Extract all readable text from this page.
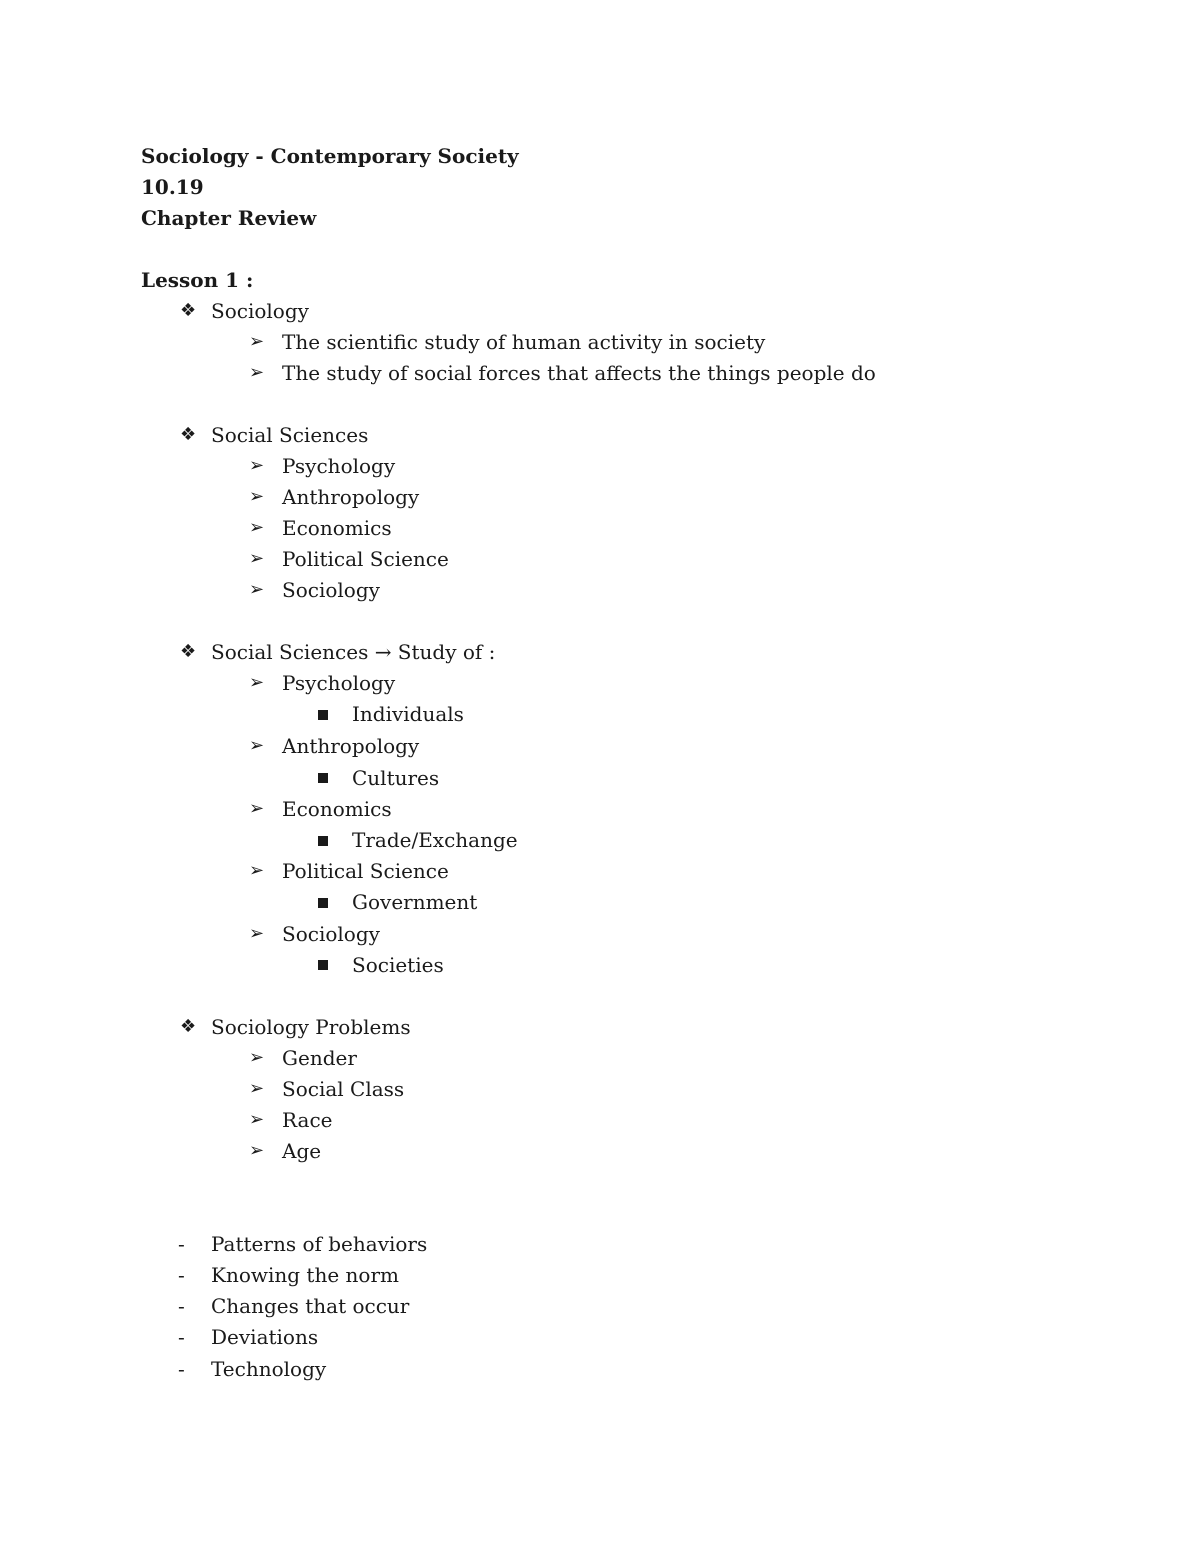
Sociology - Contemporary Society
10.19
Chapter Review
Lesson 1 :
❖ Sociology
➢ The scientific study of human activity in society
➢ The study of social forces that affects the things people do
❖ Social Sciences
➢ Psychology
➢ Anthropology
➢ Economics
➢ Political Science
➢ Sociology
❖ Social Sciences → Study of :
➢ Psychology
Individuals
➢ Anthropology
Cultures
➢ Economics
Trade/Exchange
➢ Political Science
Government
➢ Sociology
Societies
❖ Sociology Problems
➢ Gender
➢ Social Class
➢ Race
➢ Age
- Patterns of behaviors
- Knowing the norm
- Changes that occur
- Deviations
- Technology
